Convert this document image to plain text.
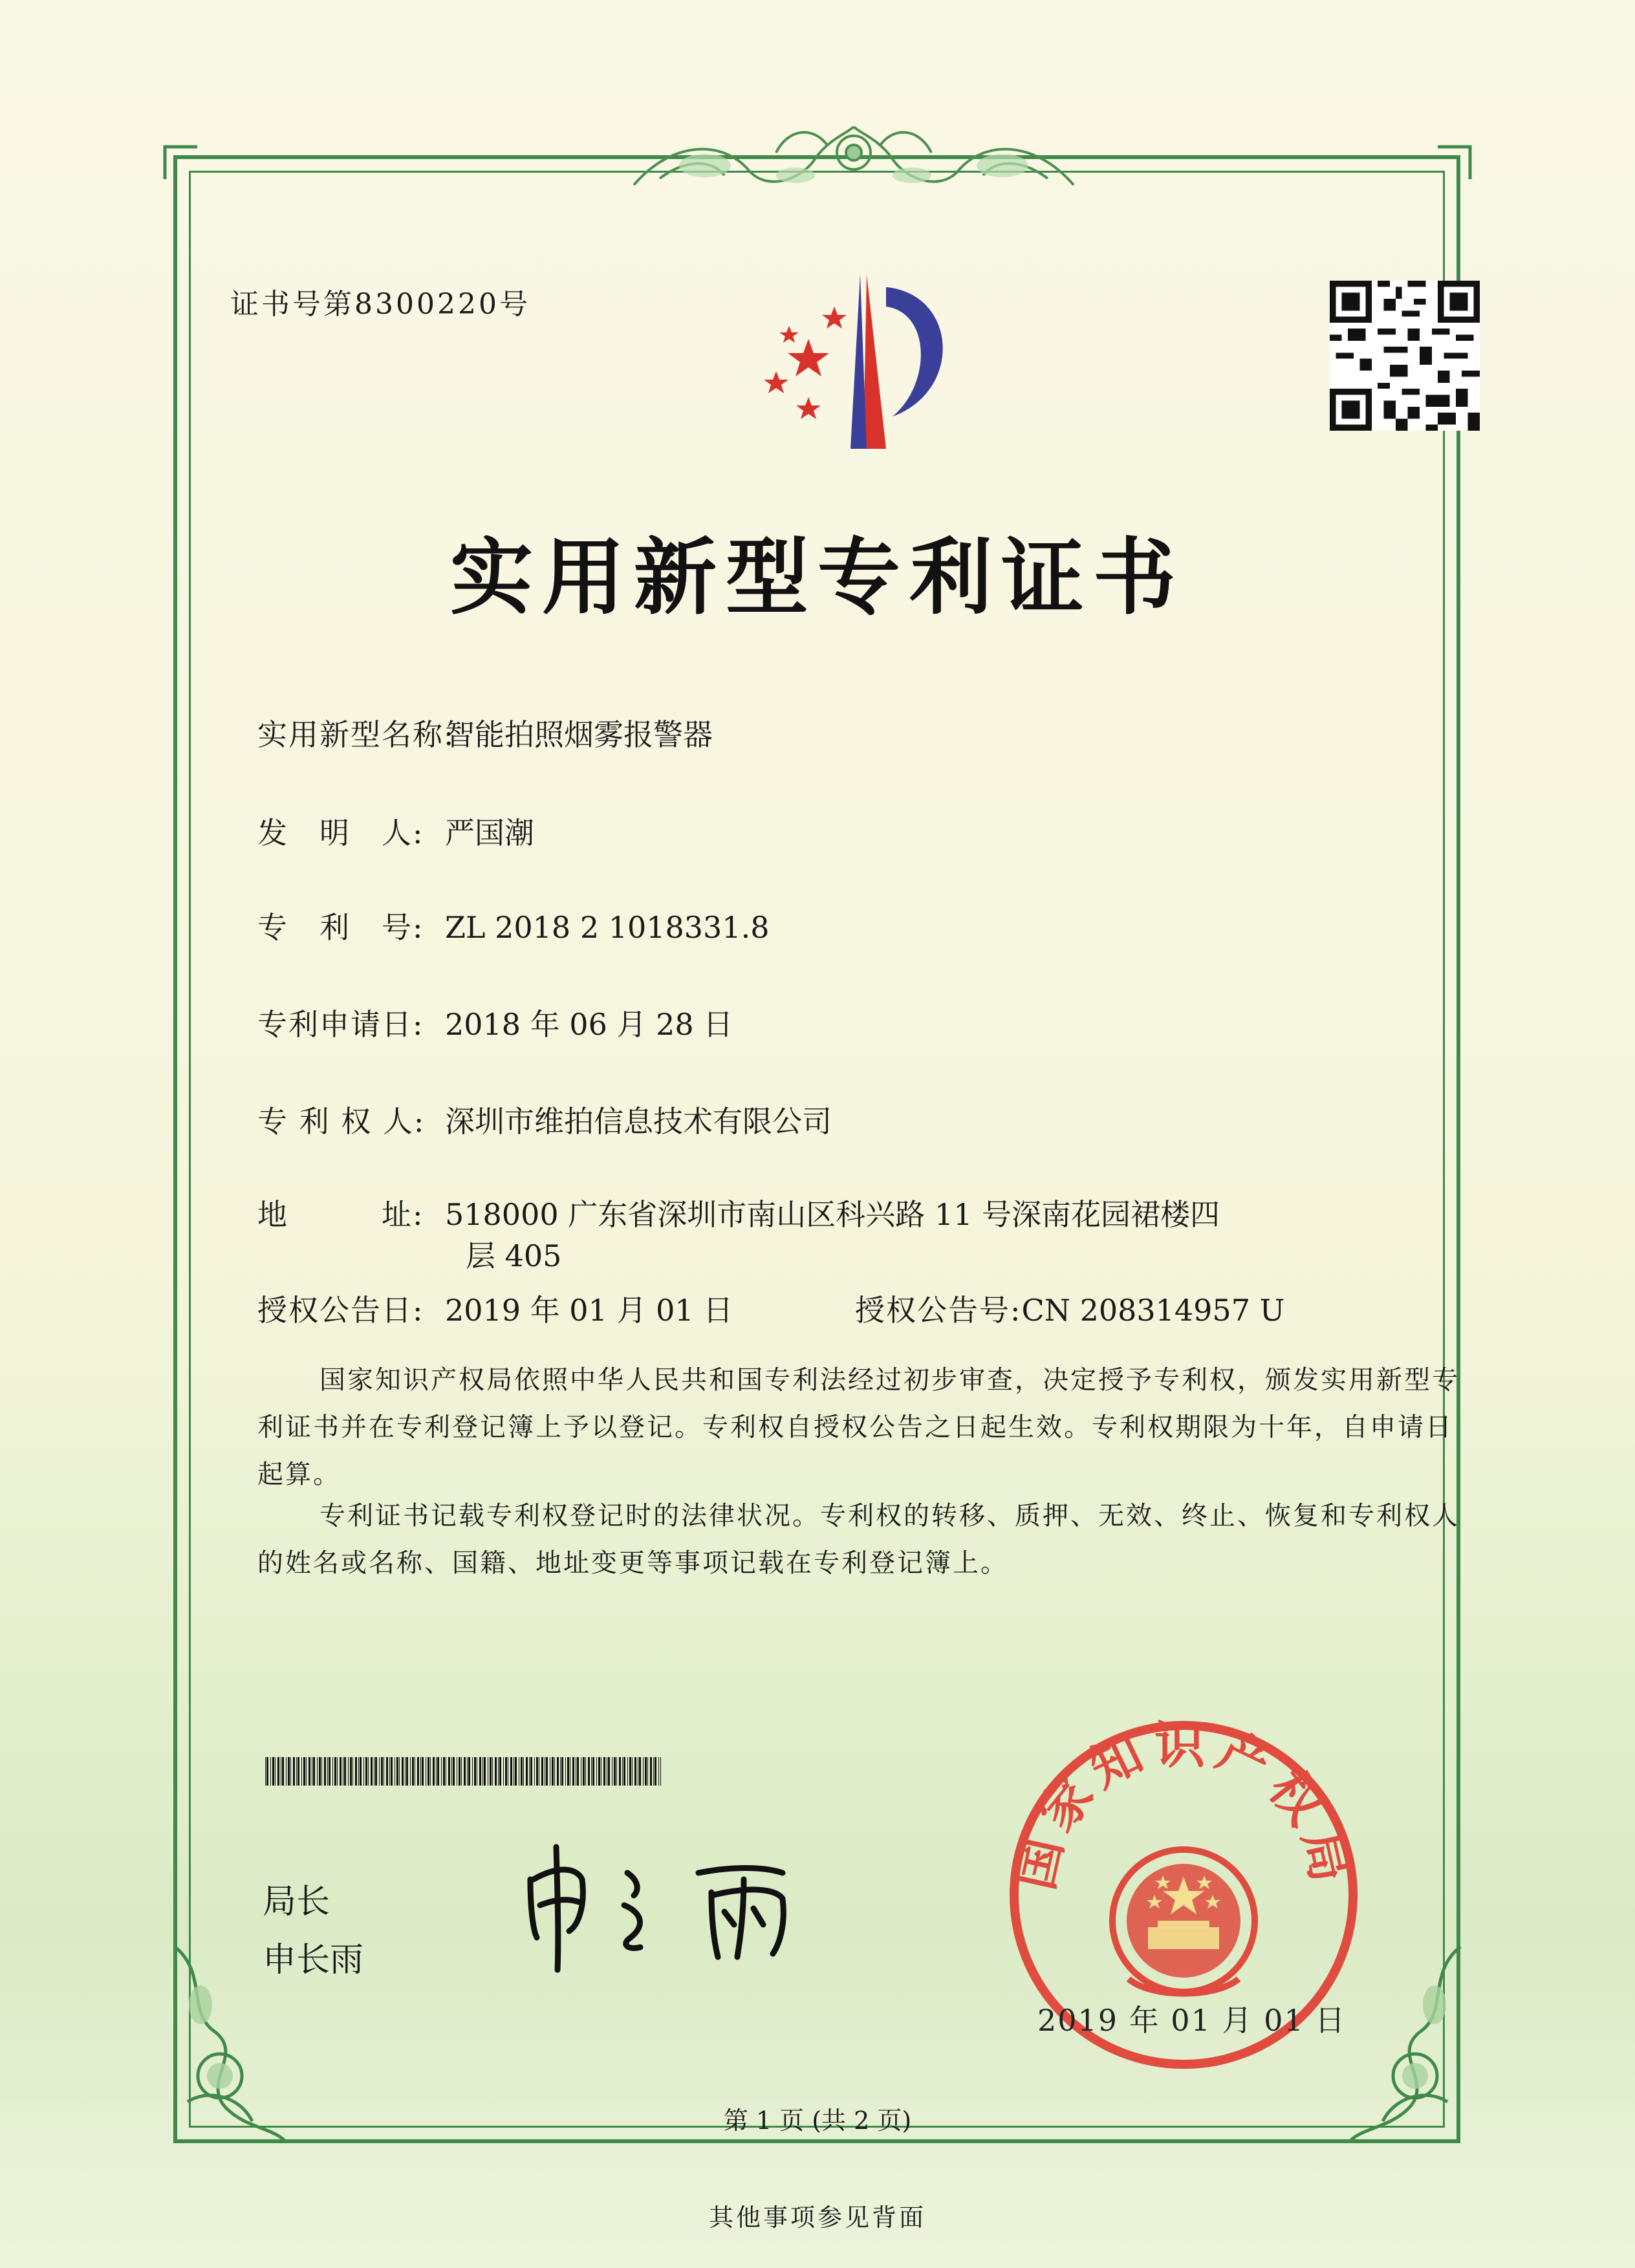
证书号第8300220号
实用新型专利证书
实用新型名称:智能拍照烟雾报警器
发　明　人: 严国潮
专　利　号: ZL 2018 2 1018331.8
专利申请日: 2018 年 06 月 28 日
专 利 权 人: 深圳市维拍信息技术有限公司
地　　　址: 518000 广东省深圳市南山区科兴路 11 号深南花园裙楼四
层 405
授权公告日: 2019 年 01 月 01 日	授权公告号:CN 208314957 U
国家知识产权局依照中华人民共和国专利法经过初步审查，决定授予专利权，颁发实用新型专利证书并在专利登记簿上予以登记。专利权自授权公告之日起生效。专利权期限为十年，自申请日起算。
专利证书记载专利权登记时的法律状况。专利权的转移、质押、无效、终止、恢复和专利权人的姓名或名称、国籍、地址变更等事项记载在专利登记簿上。
局长
申长雨
国家知识产权局
2019 年 01 月 01 日
第 1 页 (共 2 页)
其他事项参见背面
